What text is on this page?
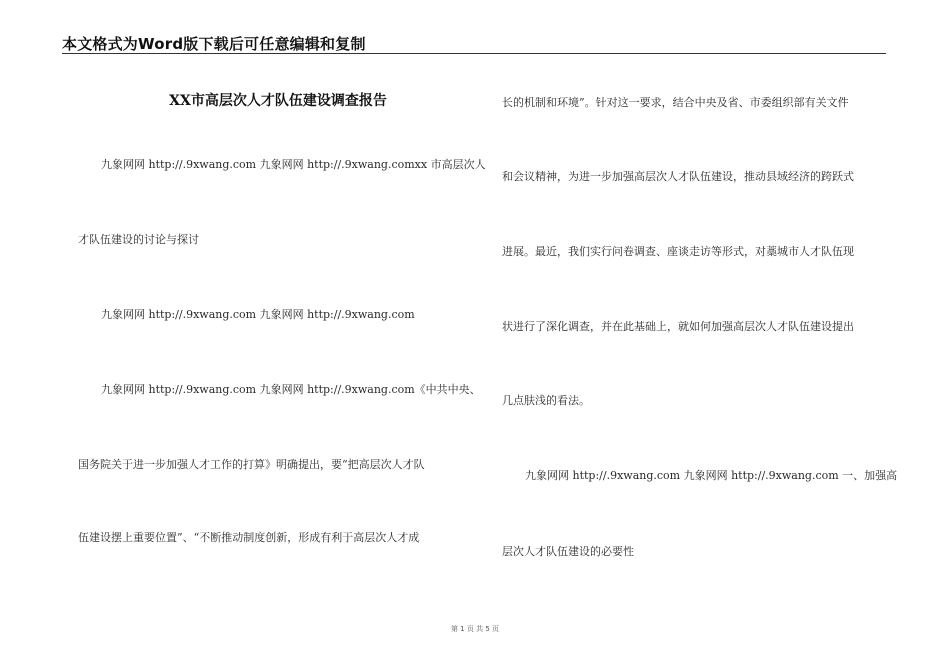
本文格式为Word版下载后可任意编辑和复制
XX市高层次人才队伍建设调查报告
九象网网 http://.9xwang.com 九象网网 http://.9xwang.comxx 市高层次人
才队伍建设的讨论与探讨
九象网网 http://.9xwang.com 九象网网 http://.9xwang.com
九象网网 http://.9xwang.com 九象网网 http://.9xwang.com《中共中央、
国务院关于进一步加强人才工作的打算》明确提出，要“把高层次人才队
伍建设摆上重要位置”、“不断推动制度创新，形成有利于高层次人才成
长的机制和环境”。针对这一要求，结合中央及省、市委组织部有关文件
和会议精神，为进一步加强高层次人才队伍建设，推动县域经济的跨跃式
进展。最近，我们实行问卷调查、座谈走访等形式，对藁城市人才队伍现
状进行了深化调查，并在此基础上，就如何加强高层次人才队伍建设提出
几点肤浅的看法。
九象网网 http://.9xwang.com 九象网网 http://.9xwang.com 一、加强高
层次人才队伍建设的必要性
第 1 页 共 5 页
